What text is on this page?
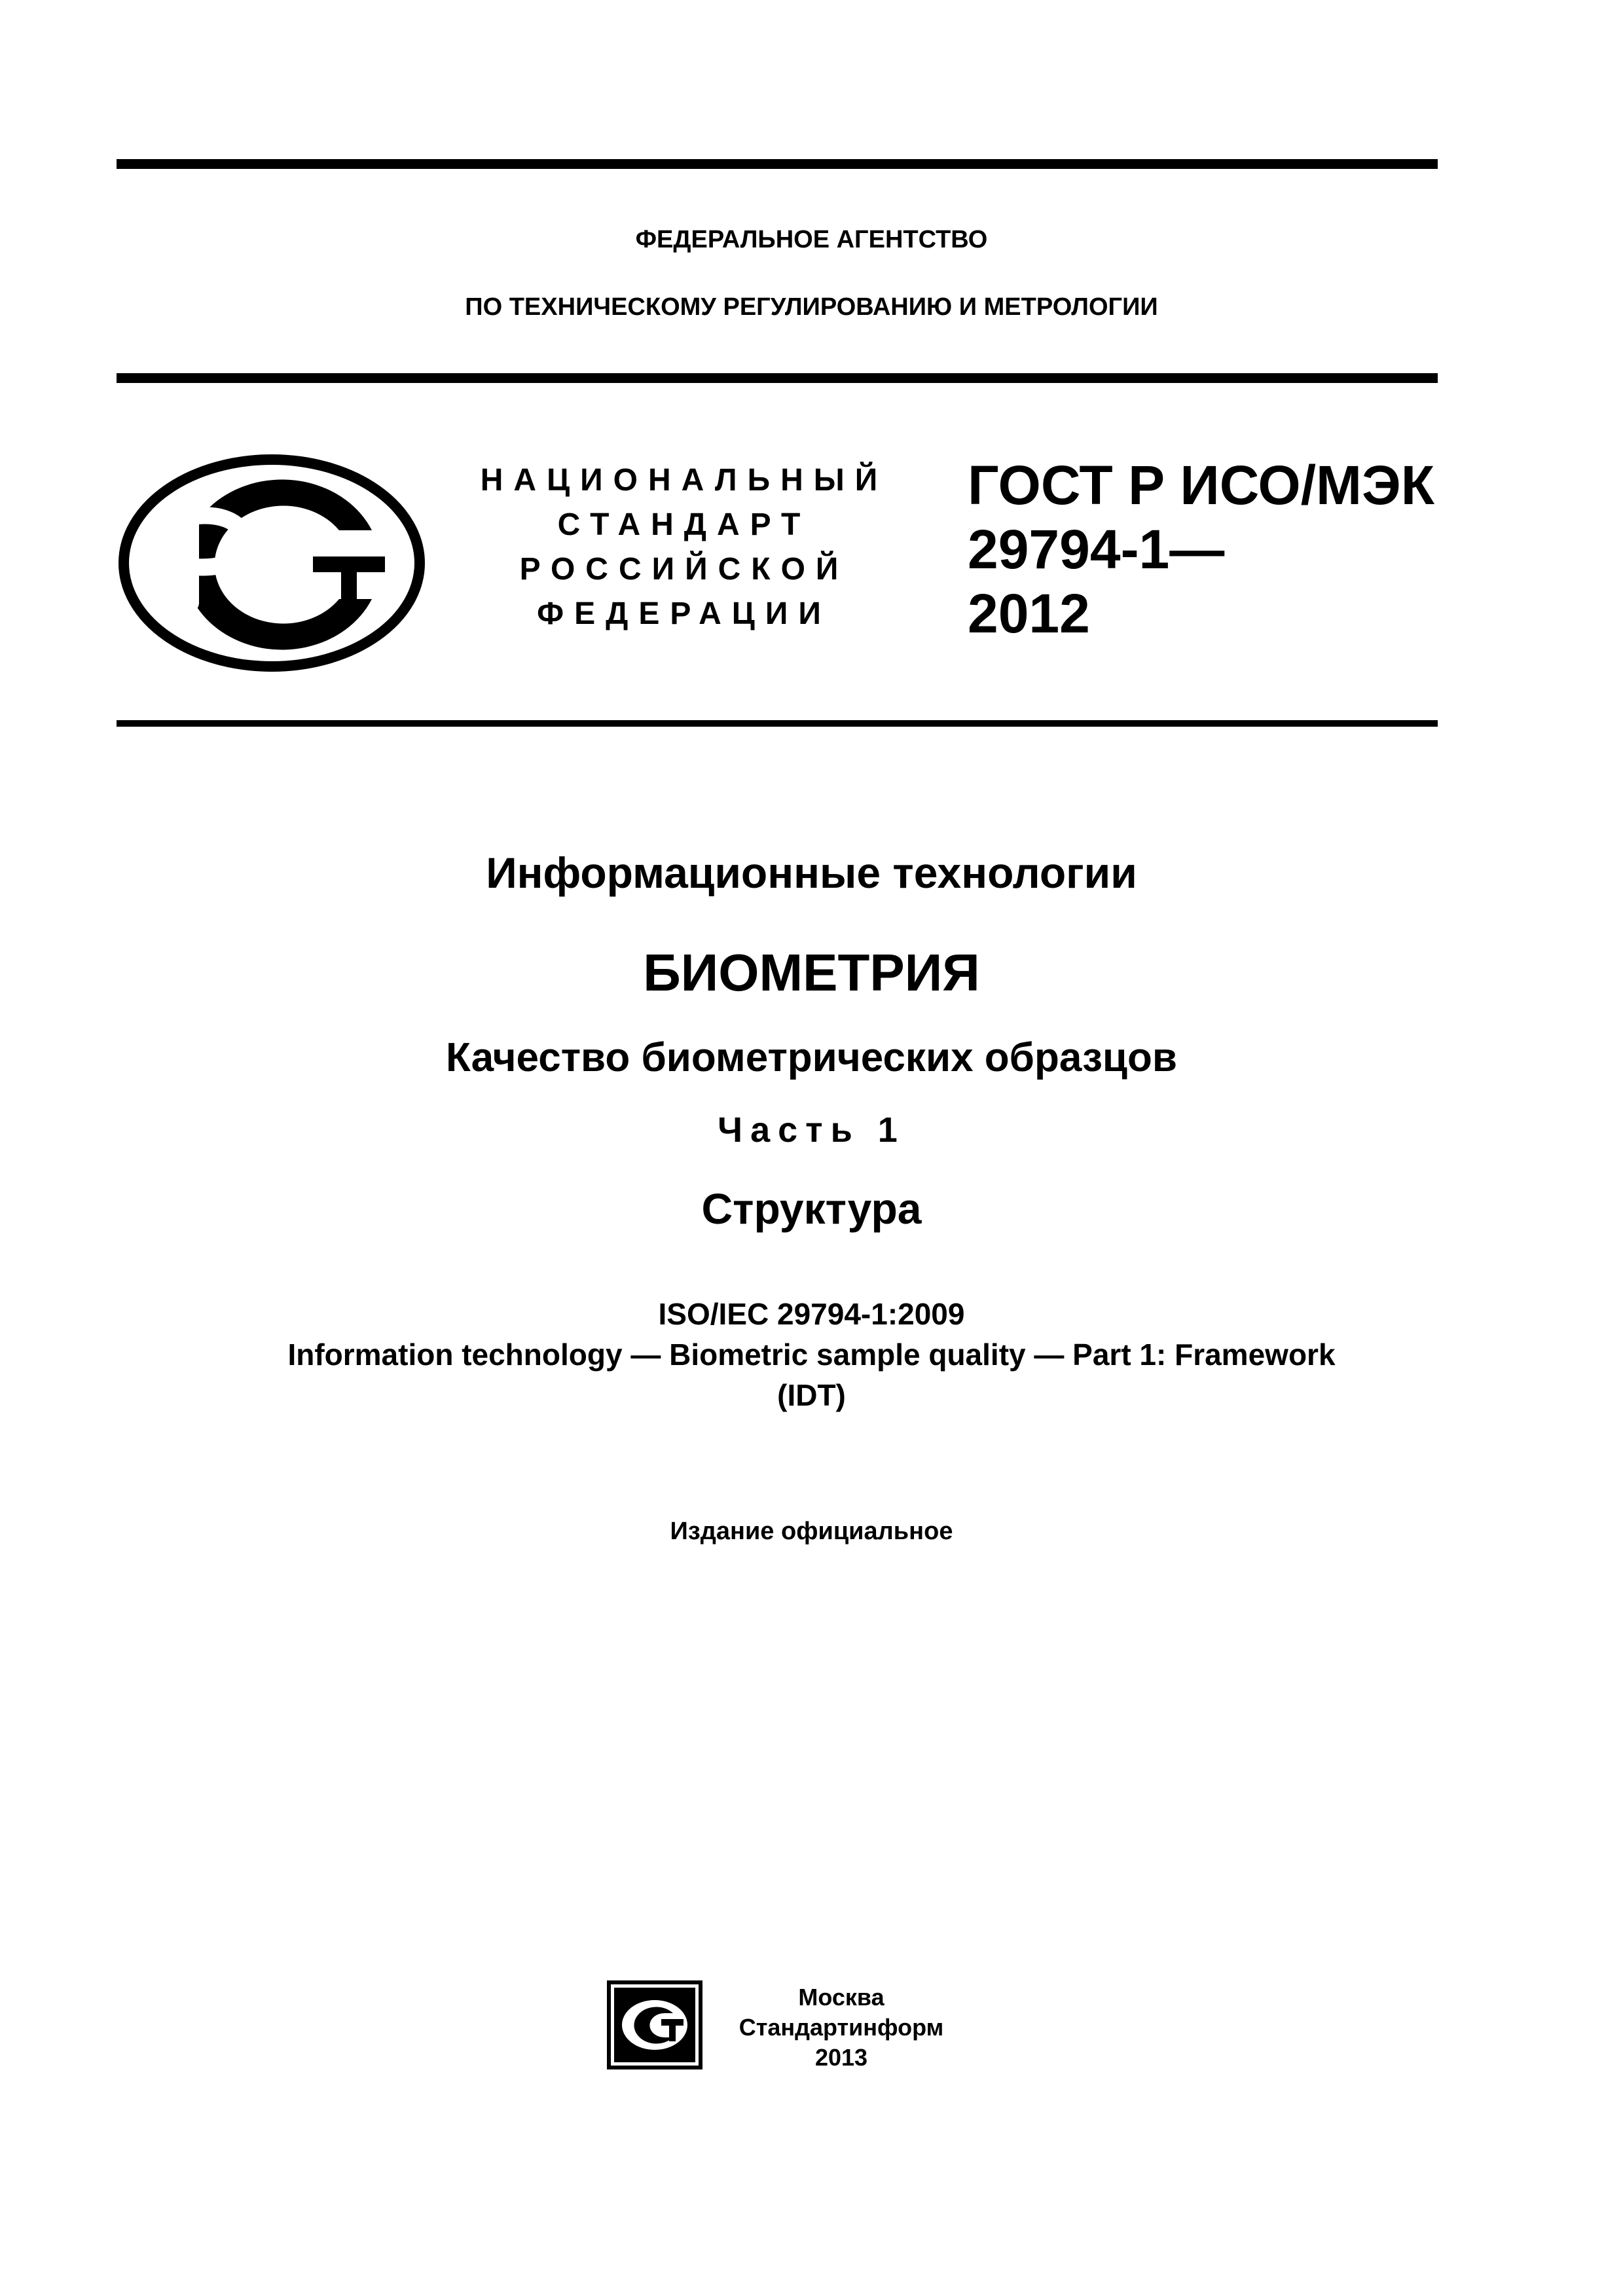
ФЕДЕРАЛЬНОЕ АГЕНТСТВО
ПО ТЕХНИЧЕСКОМУ РЕГУЛИРОВАНИЮ И МЕТРОЛОГИИ
НАЦИОНАЛЬНЫЙ
СТАНДАРТ
РОССИЙСКОЙ
ФЕДЕРАЦИИ
ГОСТ Р ИСО/МЭК
29794-1—
2012
Информационные технологии
БИОМЕТРИЯ
Качество биометрических образцов
Часть 1
Структура
ISO/IEC 29794-1:2009
Information technology — Biometric sample quality — Part 1: Framework
(IDT)
Издание официальное
Москва
Стандартинформ
2013
